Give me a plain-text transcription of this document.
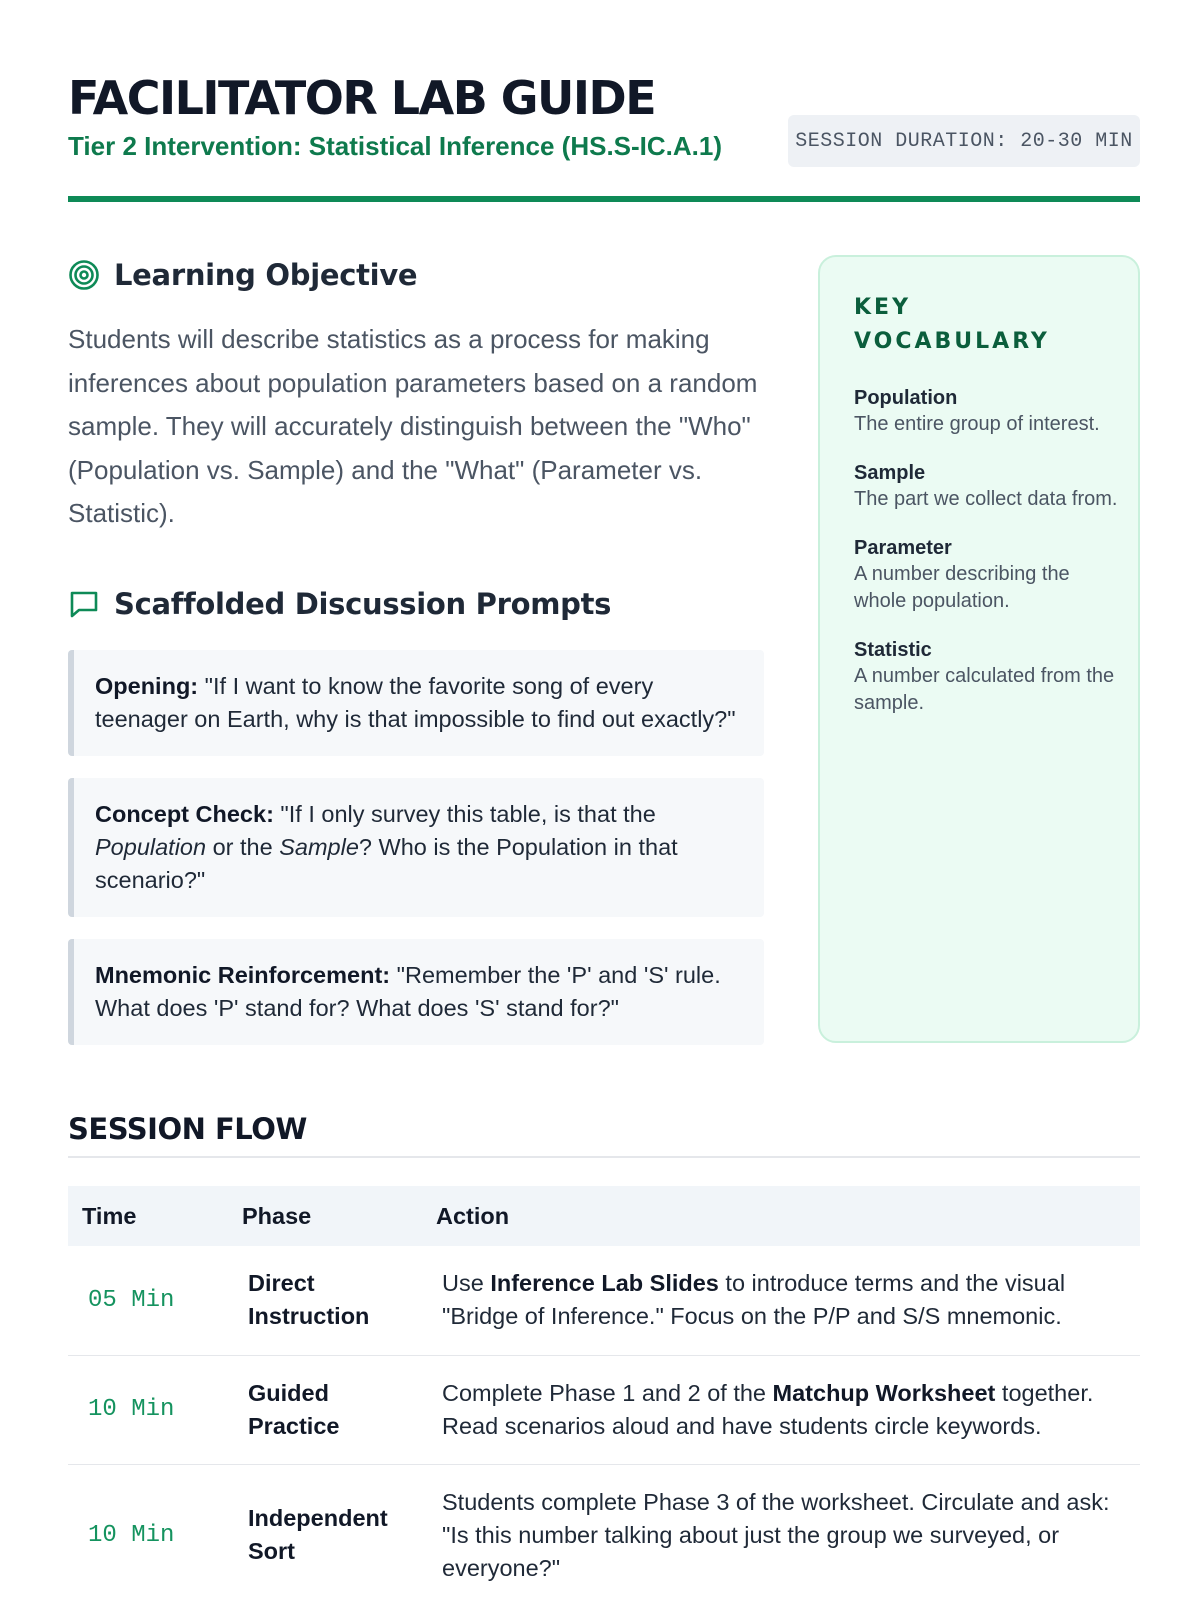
FACILITATOR LAB GUIDE
Tier 2 Intervention: Statistical Inference (HS.S-IC.A.1)	SESSION DURATION: 20-30 MIN
Learning Objective

Students will describe statistics as a process for making inferences about population parameters based on a random sample. They will accurately distinguish between the "Who" (Population vs. Sample) and the "What" (Parameter vs. Statistic).

Scaffolded Discussion Prompts
Opening: "If I want to know the favorite song of every teenager on Earth, why is that impossible to find out exactly?"
Concept Check: "If I only survey this table, is that the Population or the Sample? Who is the Population in that scenario?"
Mnemonic Reinforcement: "Remember the 'P' and 'S' rule. What does 'P' stand for? What does 'S' stand for?"
KEY VOCABULARY
Population
The entire group of interest.
Sample
The part we collect data from.
Parameter
A number describing the whole population.
Statistic
A number calculated from the sample.
SESSION FLOW
Time	Phase	Action
05 Min	Direct Instruction	Use Inference Lab Slides to introduce terms and the visual "Bridge of Inference." Focus on the P/P and S/S mnemonic.
10 Min	Guided Practice	Complete Phase 1 and 2 of the Matchup Worksheet together. Read scenarios aloud and have students circle keywords.
10 Min	Independent Sort	Students complete Phase 3 of the worksheet. Circulate and ask: "Is this number talking about just the group we surveyed, or everyone?"
